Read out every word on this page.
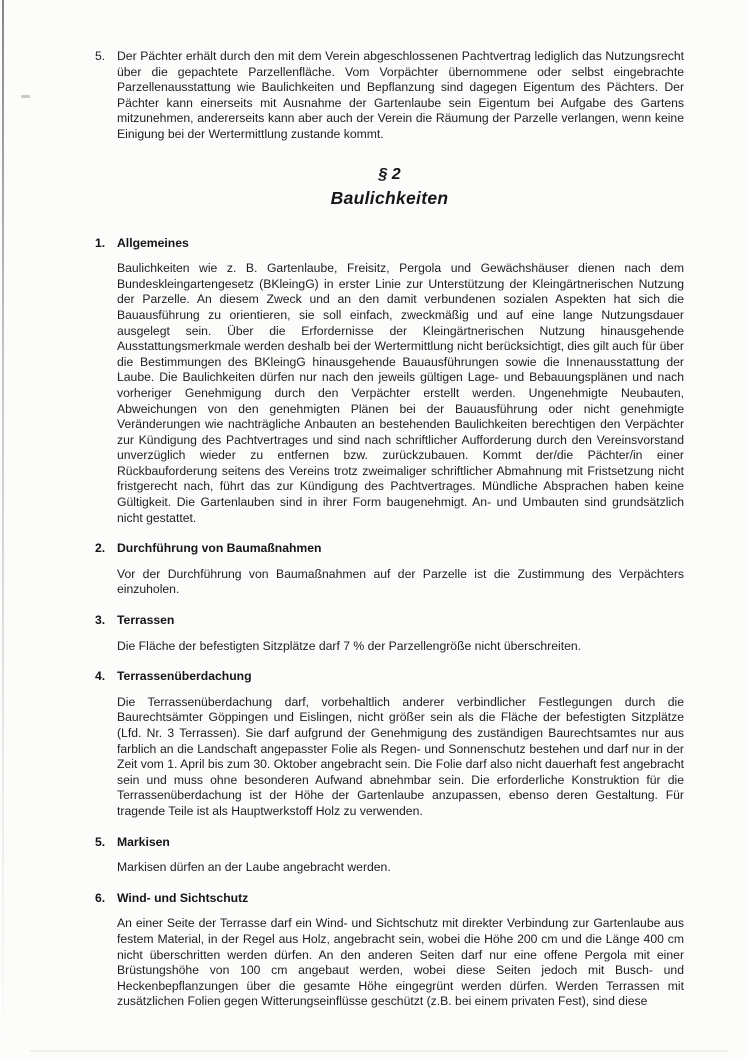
5. Der Pächter erhält durch den mit dem Verein abgeschlossenen Pachtvertrag lediglich das Nutzungsrecht über die gepachtete Parzellenfläche. Vom Vorpächter übernommene oder selbst eingebrachte Parzellenausstattung wie Baulichkeiten und Bepflanzung sind dagegen Eigentum des Pächters. Der Pächter kann einerseits mit Ausnahme der Gartenlaube sein Eigentum bei Aufgabe des Gartens mitzunehmen, andererseits kann aber auch der Verein die Räumung der Parzelle verlangen, wenn keine Einigung bei der Wertermittlung zustande kommt.

§ 2
Baulichkeiten
1. Allgemeines

Baulichkeiten wie z. B. Gartenlaube, Freisitz, Pergola und Gewächshäuser dienen nach dem Bundeskleingartengesetz (BKleingG) in erster Linie zur Unterstützung der Kleingärtnerischen Nutzung der Parzelle. An diesem Zweck und an den damit verbundenen sozialen Aspekten hat sich die Bauausführung zu orientieren, sie soll einfach, zweckmäßig und auf eine lange Nutzungsdauer ausgelegt sein. Über die Erfordernisse der Kleingärtnerischen Nutzung hinausgehende Ausstattungsmerkmale werden deshalb bei der Wertermittlung nicht berücksichtigt, dies gilt auch für über die Bestimmungen des BKleingG hinausgehende Bauausführungen sowie die Innenausstattung der Laube. Die Baulichkeiten dürfen nur nach den jeweils gültigen Lage- und Bebauungsplänen und nach vorheriger Genehmigung durch den Verpächter erstellt werden. Ungenehmigte Neubauten, Abweichungen von den genehmigten Plänen bei der Bauausführung oder nicht genehmigte Veränderungen wie nachträgliche Anbauten an bestehenden Baulichkeiten berechtigen den Verpächter zur Kündigung des Pachtvertrages und sind nach schriftlicher Aufforderung durch den Vereinsvorstand unverzüglich wieder zu entfernen bzw. zurückzubauen. Kommt der/die Pächter/in einer Rückbauforderung seitens des Vereins trotz zweimaliger schriftlicher Abmahnung mit Fristsetzung nicht fristgerecht nach, führt das zur Kündigung des Pachtvertrages. Mündliche Absprachen haben keine Gültigkeit. Die Gartenlauben sind in ihrer Form baugenehmigt. An- und Umbauten sind grundsätzlich nicht gestattet.

2. Durchführung von Baumaßnahmen

Vor der Durchführung von Baumaßnahmen auf der Parzelle ist die Zustimmung des Verpächters einzuholen.

3. Terrassen

Die Fläche der befestigten Sitzplätze darf 7 % der Parzellengröße nicht überschreiten.

4. Terrassenüberdachung

Die Terrassenüberdachung darf, vorbehaltlich anderer verbindlicher Festlegungen durch die Baurechtsämter Göppingen und Eislingen, nicht größer sein als die Fläche der befestigten Sitzplätze (Lfd. Nr. 3 Terrassen). Sie darf aufgrund der Genehmigung des zuständigen Baurechtsamtes nur aus farblich an die Landschaft angepasster Folie als Regen- und Sonnenschutz bestehen und darf nur in der Zeit vom 1. April bis zum 30. Oktober angebracht sein. Die Folie darf also nicht dauerhaft fest angebracht sein und muss ohne besonderen Aufwand abnehmbar sein. Die erforderliche Konstruktion für die Terrassenüberdachung ist der Höhe der Gartenlaube anzupassen, ebenso deren Gestaltung. Für tragende Teile ist als Hauptwerkstoff Holz zu verwenden.

5. Markisen

Markisen dürfen an der Laube angebracht werden.

6. Wind- und Sichtschutz

An einer Seite der Terrasse darf ein Wind- und Sichtschutz mit direkter Verbindung zur Gartenlaube aus festem Material, in der Regel aus Holz, angebracht sein, wobei die Höhe 200 cm und die Länge 400 cm nicht überschritten werden dürfen. An den anderen Seiten darf nur eine offene Pergola mit einer Brüstungshöhe von 100 cm angebaut werden, wobei diese Seiten jedoch mit Busch- und Heckenbepflanzungen über die gesamte Höhe eingegrünt werden dürfen. Werden Terrassen mit zusätzlichen Folien gegen Witterungseinflüsse geschützt (z.B. bei einem privaten Fest), sind diese
